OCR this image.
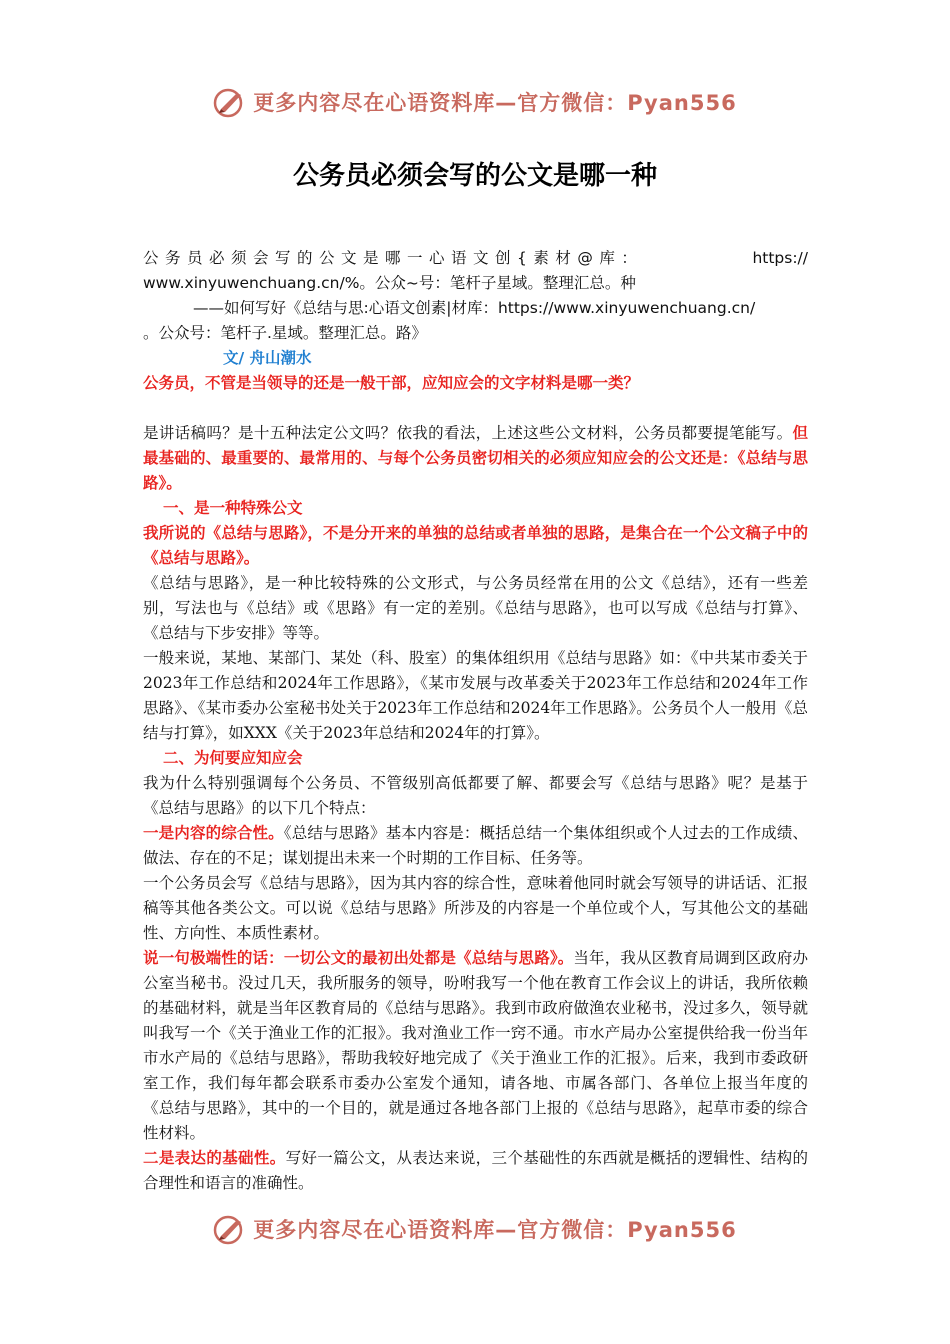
更多内容尽在心语资料库—官方微信：Pyan556
公务员必须会写的公文是哪一种

公务员必须会写的公文是哪一心语文创{素材@库：	https://

www.xinyuwenchuang.cn/%。公众~号：笔杆子星域。整理汇总。种

——如何写好《总结与思:心语文创素|材库：https://www.xinyuwenchuang.cn/

。公众号：笔杆子.星域。整理汇总。路》

文/ 舟山潮水

公务员，不管是当领导的还是一般干部，应知应会的文字材料是哪一类？

是讲话稿吗？是十五种法定公文吗？依我的看法，上述这些公文材料，公务员都要提笔能写。但最基础的、最重要的、最常用的、与每个公务员密切相关的必须应知应会的公文还是：《总结与思路》。

一、是一种特殊公文

我所说的《总结与思路》，不是分开来的单独的总结或者单独的思路，是集合在一个公文稿子中的《总结与思路》。

《总结与思路》，是一种比较特殊的公文形式，与公务员经常在用的公文《总结》，还有一些差别，写法也与《总结》或《思路》有一定的差别。《总结与思路》，也可以写成《总结与打算》、《总结与下步安排》等等。

一般来说，某地、某部门、某处（科、股室）的集体组织用《总结与思路》如：《中共某市委关于2023年工作总结和2024年工作思路》，《某市发展与改革委关于2023年工作总结和2024年工作思路》、《某市委办公室秘书处关于2023年工作总结和2024年工作思路》。公务员个人一般用《总结与打算》，如XXX《关于2023年总结和2024年的打算》。

二、为何要应知应会

我为什么特别强调每个公务员、不管级别高低都要了解、都要会写《总结与思路》呢？是基于《总结与思路》的以下几个特点：

一是内容的综合性。《总结与思路》基本内容是：概括总结一个集体组织或个人过去的工作成绩、做法、存在的不足；谋划提出未来一个时期的工作目标、任务等。

一个公务员会写《总结与思路》，因为其内容的综合性，意味着他同时就会写领导的讲话话、汇报稿等其他各类公文。可以说《总结与思路》所涉及的内容是一个单位或个人，写其他公文的基础性、方向性、本质性素材。

说一句极端性的话：一切公文的最初出处都是《总结与思路》。当年，我从区教育局调到区政府办公室当秘书。没过几天，我所服务的领导，吩咐我写一个他在教育工作会议上的讲话，我所依赖的基础材料，就是当年区教育局的《总结与思路》。我到市政府做渔农业秘书，没过多久，领导就叫我写一个《关于渔业工作的汇报》。我对渔业工作一窍不通。市水产局办公室提供给我一份当年市水产局的《总结与思路》，帮助我较好地完成了《关于渔业工作的汇报》。后来，我到市委政研室工作，我们每年都会联系市委办公室发个通知，请各地、市属各部门、各单位上报当年度的《总结与思路》，其中的一个目的，就是通过各地各部门上报的《总结与思路》，起草市委的综合性材料。

二是表达的基础性。写好一篇公文，从表达来说，三个基础性的东西就是概括的逻辑性、结构的合理性和语言的准确性。

更多内容尽在心语资料库—官方微信：Pyan556
